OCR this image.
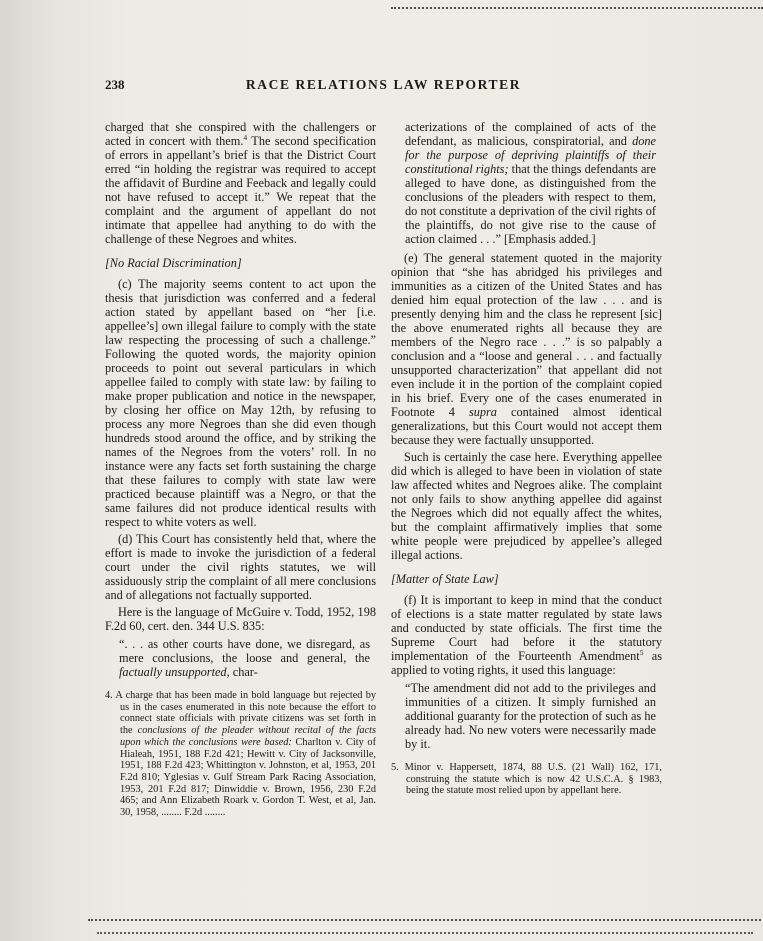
238	RACE RELATIONS LAW REPORTER

charged that she conspired with the challengers or acted in concert with them.$^4$ The second specification of errors in appellant’s brief is that the District Court erred “in holding the registrar was required to accept the affidavit of Burdine and Feeback and legally could not have refused to accept it.” We repeat that the complaint and the argument of appellant do not intimate that appellee had anything to do with the challenge of these Negroes and whites.

[No Racial Discrimination]

(c) The majority seems content to act upon the thesis that jurisdiction was conferred and a federal action stated by appellant based on “her [i.e. appellee’s] own illegal failure to comply with the state law respecting the processing of such a challenge.” Following the quoted words, the majority opinion proceeds to point out several particulars in which appellee failed to comply with state law: by failing to make proper publication and notice in the newspaper, by closing her office on May 12th, by refusing to process any more Negroes than she did even though hundreds stood around the office, and by striking the names of the Negroes from the voters’ roll. In no instance were any facts set forth sustaining the charge that these failures to comply with state law were practiced because plaintiff was a Negro, or that the same failures did not produce identical results with respect to white voters as well.

(d) This Court has consistently held that, where the effort is made to invoke the jurisdiction of a federal court under the civil rights statutes, we will assiduously strip the complaint of all mere conclusions and of allegations not factually supported.

Here is the language of McGuire v. Todd, 1952, 198 F.2d 60, cert. den. 344 U.S. 835:

“. . . as other courts have done, we disregard, as mere conclusions, the loose and general, the factually unsupported, char-
4. A charge that has been made in bold language but rejected by us in the cases enumerated in this note because the effort to connect state officials with private citizens was set forth in the conclusions of the pleader without recital of the facts upon which the conclusions were based: Charlton v. City of Hialeah, 1951, 188 F.2d 421; Hewitt v. City of Jacksonville, 1951, 188 F.2d 423; Whittington v. Johnston, et al, 1953, 201 F.2d 810; Yglesias v. Gulf Stream Park Racing Association, 1953, 201 F.2d 817; Dinwiddie v. Brown, 1956, 230 F.2d 465; and Ann Elizabeth Roark v. Gordon T. West, et al, Jan. 30, 1958, ........ F.2d ........
acterizations of the complained of acts of the defendant, as malicious, conspiratorial, and done for the purpose of depriving plaintiffs of their constitutional rights; that the things defendants are alleged to have done, as distinguished from the conclusions of the pleaders with respect to them, do not constitute a deprivation of the civil rights of the plaintiffs, do not give rise to the cause of action claimed . . .” [Emphasis added.]

(e) The general statement quoted in the majority opinion that “she has abridged his privileges and immunities as a citizen of the United States and has denied him equal protection of the law . . . and is presently denying him and the class he represent [sic] the above enumerated rights all because they are members of the Negro race . . .” is so palpably a conclusion and a “loose and general . . . and factually unsupported characterization” that appellant did not even include it in the portion of the complaint copied in his brief. Every one of the cases enumerated in Footnote 4 supra contained almost identical generalizations, but this Court would not accept them because they were factually unsupported.

Such is certainly the case here. Everything appellee did which is alleged to have been in violation of state law affected whites and Negroes alike. The complaint not only fails to show anything appellee did against the Negroes which did not equally affect the whites, but the complaint affirmatively implies that some white people were prejudiced by appellee’s alleged illegal actions.

[Matter of State Law]

(f) It is important to keep in mind that the conduct of elections is a state matter regulated by state laws and conducted by state officials. The first time the Supreme Court had before it the statutory implementation of the Fourteenth Amendment$^5$ as applied to voting rights, it used this language:

“The amendment did not add to the privileges and immunities of a citizen. It simply furnished an additional guaranty for the protection of such as he already had. No new voters were necessarily made by it.
5. Minor v. Happersett, 1874, 88 U.S. (21 Wall) 162, 171, construing the statute which is now 42 U.S.C.A. § 1983, being the statute most relied upon by appellant here.
